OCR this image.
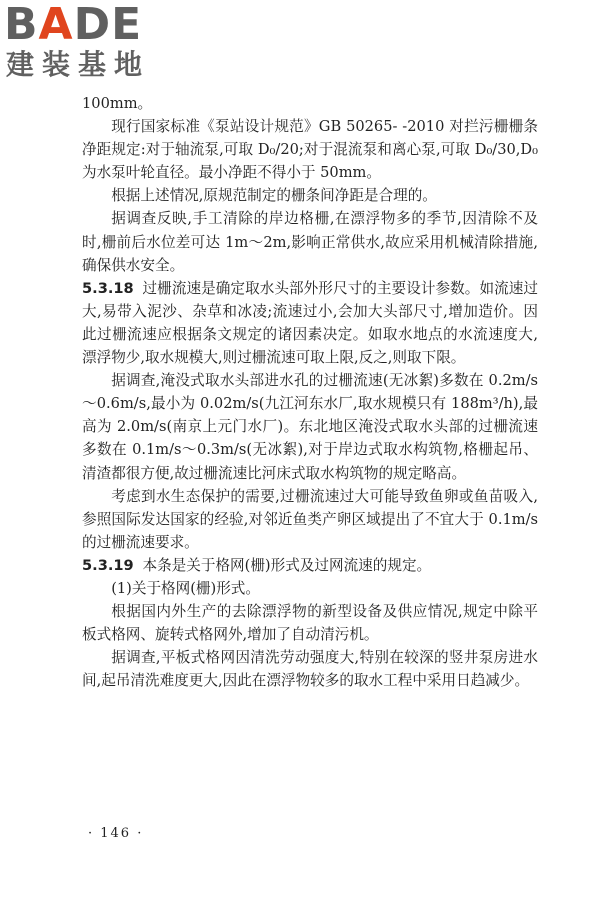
BADE
建装基地

100mm。

现行国家标准《泵站设计规范》GB 50265- -2010 对拦污栅栅条净距规定:对于轴流泵,可取 D₀/20;对于混流泵和离心泵,可取 D₀/30,D₀为水泵叶轮直径。最小净距不得小于 50mm。

根据上述情况,原规范制定的栅条间净距是合理的。

据调查反映,手工清除的岸边格栅,在漂浮物多的季节,因清除不及时,栅前后水位差可达 1m～2m,影响正常供水,故应采用机械清除措施,确保供水安全。

5.3.18 过栅流速是确定取水头部外形尺寸的主要设计参数。如流速过大,易带入泥沙、杂草和冰凌;流速过小,会加大头部尺寸,增加造价。因此过栅流速应根据条文规定的诸因素决定。如取水地点的水流速度大,漂浮物少,取水规模大,则过栅流速可取上限,反之,则取下限。

据调查,淹没式取水头部进水孔的过栅流速(无冰絮)多数在 0.2m/s～0.6m/s,最小为 0.02m/s(九江河东水厂,取水规模只有 188m³/h),最高为 2.0m/s(南京上元门水厂)。东北地区淹没式取水头部的过栅流速多数在 0.1m/s～0.3m/s(无冰絮),对于岸边式取水构筑物,格栅起吊、清渣都很方便,故过栅流速比河床式取水构筑物的规定略高。

考虑到水生态保护的需要,过栅流速过大可能导致鱼卵或鱼苗吸入,参照国际发达国家的经验,对邻近鱼类产卵区域提出了不宜大于 0.1m/s 的过栅流速要求。

5.3.19 本条是关于格网(栅)形式及过网流速的规定。

(1)关于格网(栅)形式。

根据国内外生产的去除漂浮物的新型设备及供应情况,规定中除平板式格网、旋转式格网外,增加了自动清污机。

据调查,平板式格网因清洗劳动强度大,特别在较深的竖井泵房进水间,起吊清洗难度更大,因此在漂浮物较多的取水工程中采用日趋减少。

· 146 ·
